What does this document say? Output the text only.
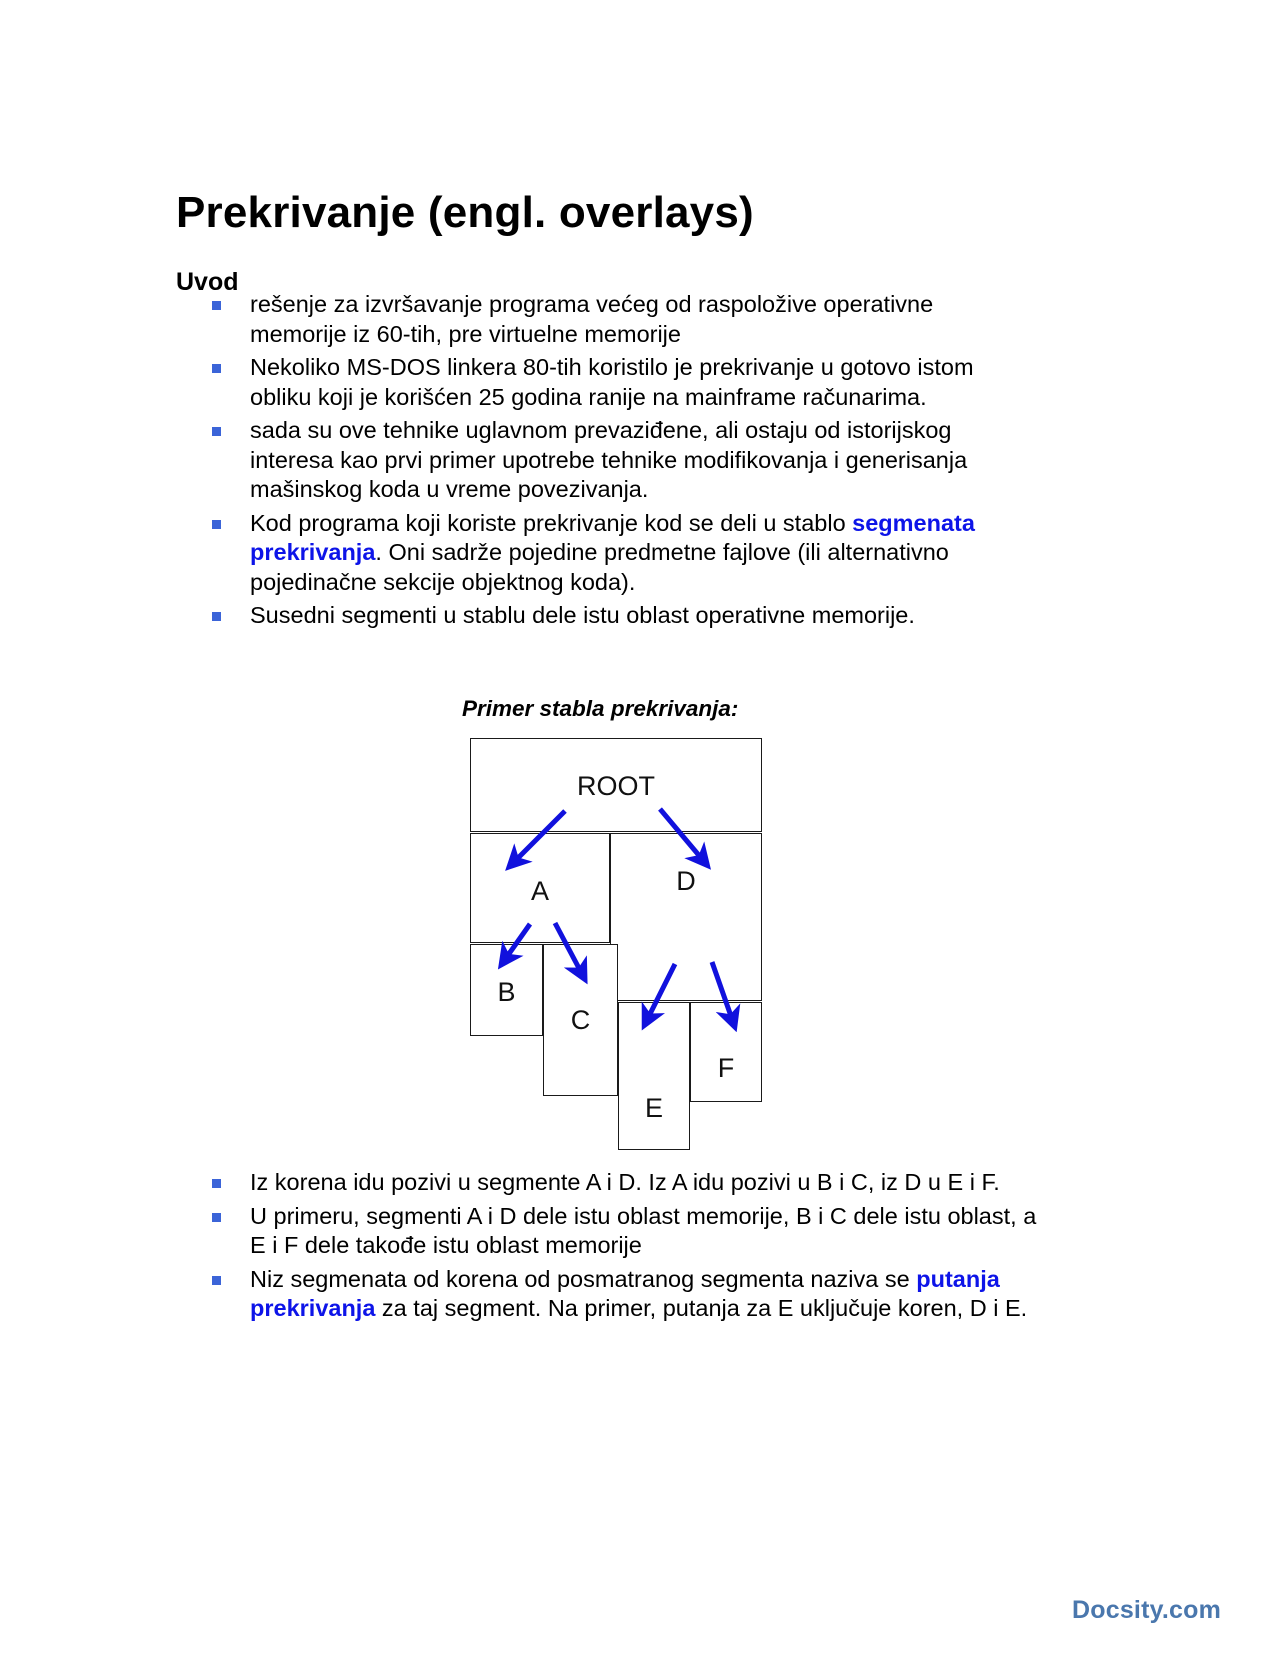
Prekrivanje (engl. overlays)
Uvod
rešenje za izvršavanje programa većeg od raspoložive operativne memorije iz 60-tih, pre virtuelne memorije
Nekoliko MS-DOS linkera 80-tih koristilo je prekrivanje u gotovo istom obliku koji je korišćen 25 godina ranije na mainframe računarima.
sada su ove tehnike uglavnom prevaziđene, ali ostaju od istorijskog interesa kao prvi primer upotrebe tehnike modifikovanja i generisanja mašinskog koda u vreme povezivanja.
Kod programa koji koriste prekrivanje kod se deli u stablo segmenata prekrivanja. Oni sadrže pojedine predmetne fajlove (ili alternativno pojedinačne sekcije objektnog koda).
Susedni segmenti u stablu dele istu oblast operativne memorije.
Primer stabla prekrivanja:
ROOT
A	D
B
C
E
F
Iz korena idu pozivi u segmente A i D. Iz A idu pozivi u B i C, iz D u E i F.
U primeru, segmenti A i D dele istu oblast memorije, B i C dele istu oblast, a E i F dele takođe istu oblast memorije
Niz segmenata od korena od posmatranog segmenta naziva se putanja prekrivanja za taj segment. Na primer, putanja za E uključuje koren, D i E.
Docsity.com
